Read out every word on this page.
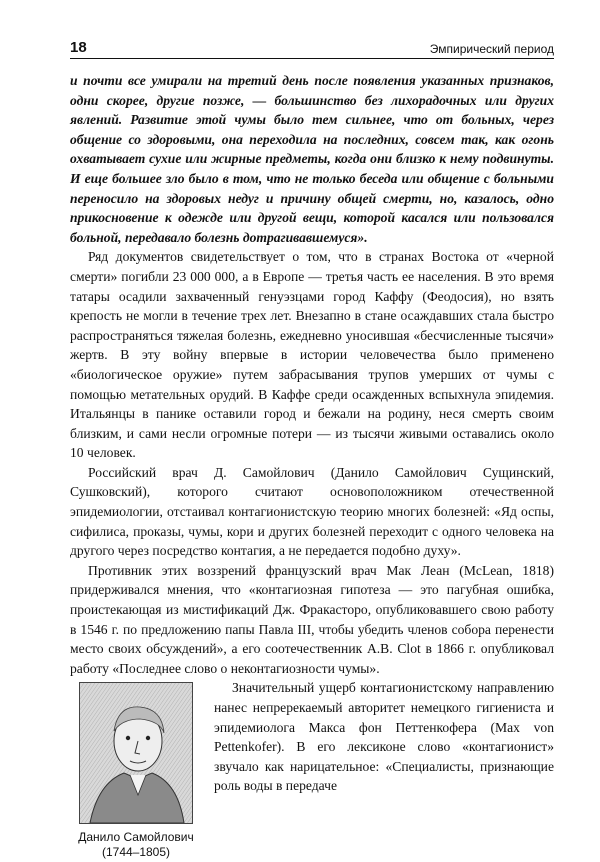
18	Эмпирический период

и почти все умирали на третий день после появления указанных признаков, одни скорее, другие позже, — большинство без лихорадочных или других явлений. Развитие этой чумы было тем сильнее, что от больных, через общение со здоровыми, она переходила на последних, совсем так, как огонь охватывает сухие или жирные предметы, когда они близко к нему подвинуты. И еще большее зло было в том, что не только беседа или общение с больными переносило на здоровых недуг и причину общей смерти, но, казалось, одно прикосновение к одежде или другой вещи, которой касался или пользовался больной, передавало болезнь дотрагивавшемуся».

Ряд документов свидетельствует о том, что в странах Востока от «черной смерти» погибли 23 000 000, а в Европе — третья часть ее населения. В это время татары осадили захваченный генуэзцами город Каффу (Феодосия), но взять крепость не могли в течение трех лет. Внезапно в стане осаждавших стала быстро распространяться тяжелая болезнь, ежедневно уносившая «бесчисленные тысячи» жертв. В эту войну впервые в истории человечества было применено «биологическое оружие» путем забрасывания трупов умерших от чумы с помощью метательных орудий. В Каффе среди осажденных вспыхнула эпидемия. Итальянцы в панике оставили город и бежали на родину, неся смерть своим близким, и сами несли огромные потери — из тысячи живыми оставались около 10 человек.

Российский врач Д. Самойлович (Данило Самойлович Сущинский, Сушковский), которого считают основоположником отечественной эпидемиологии, отстаивал контагионистскую теорию многих болезней: «Яд оспы, сифилиса, проказы, чумы, кори и других болезней переходит с одного человека на другого через посредство контагия, а не передается подобно духу».

Противник этих воззрений французский врач Мак Леан (McLean, 1818) придерживался мнения, что «контагиозная гипотеза — это пагубная ошибка, проистекающая из мистификаций Дж. Фракасторо, опубликовавшего свою работу в 1546 г. по предложению папы Павла III, чтобы убедить членов собора перенести место своих обсуждений», а его соотечественник A.B. Clot в 1866 г. опубликовал работу «Последнее слово о неконтагиозности чумы».

Данило Самойлович
(1744–1805)

Значительный ущерб контагионистскому направлению нанес непререкаемый авторитет немецкого гигиениста и эпидемиолога Макса фон Петтенкофера (Max von Pettenkofer). В его лексиконе слово «контагионист» звучало как нарицательное: «Специалисты, признающие роль воды в передаче
